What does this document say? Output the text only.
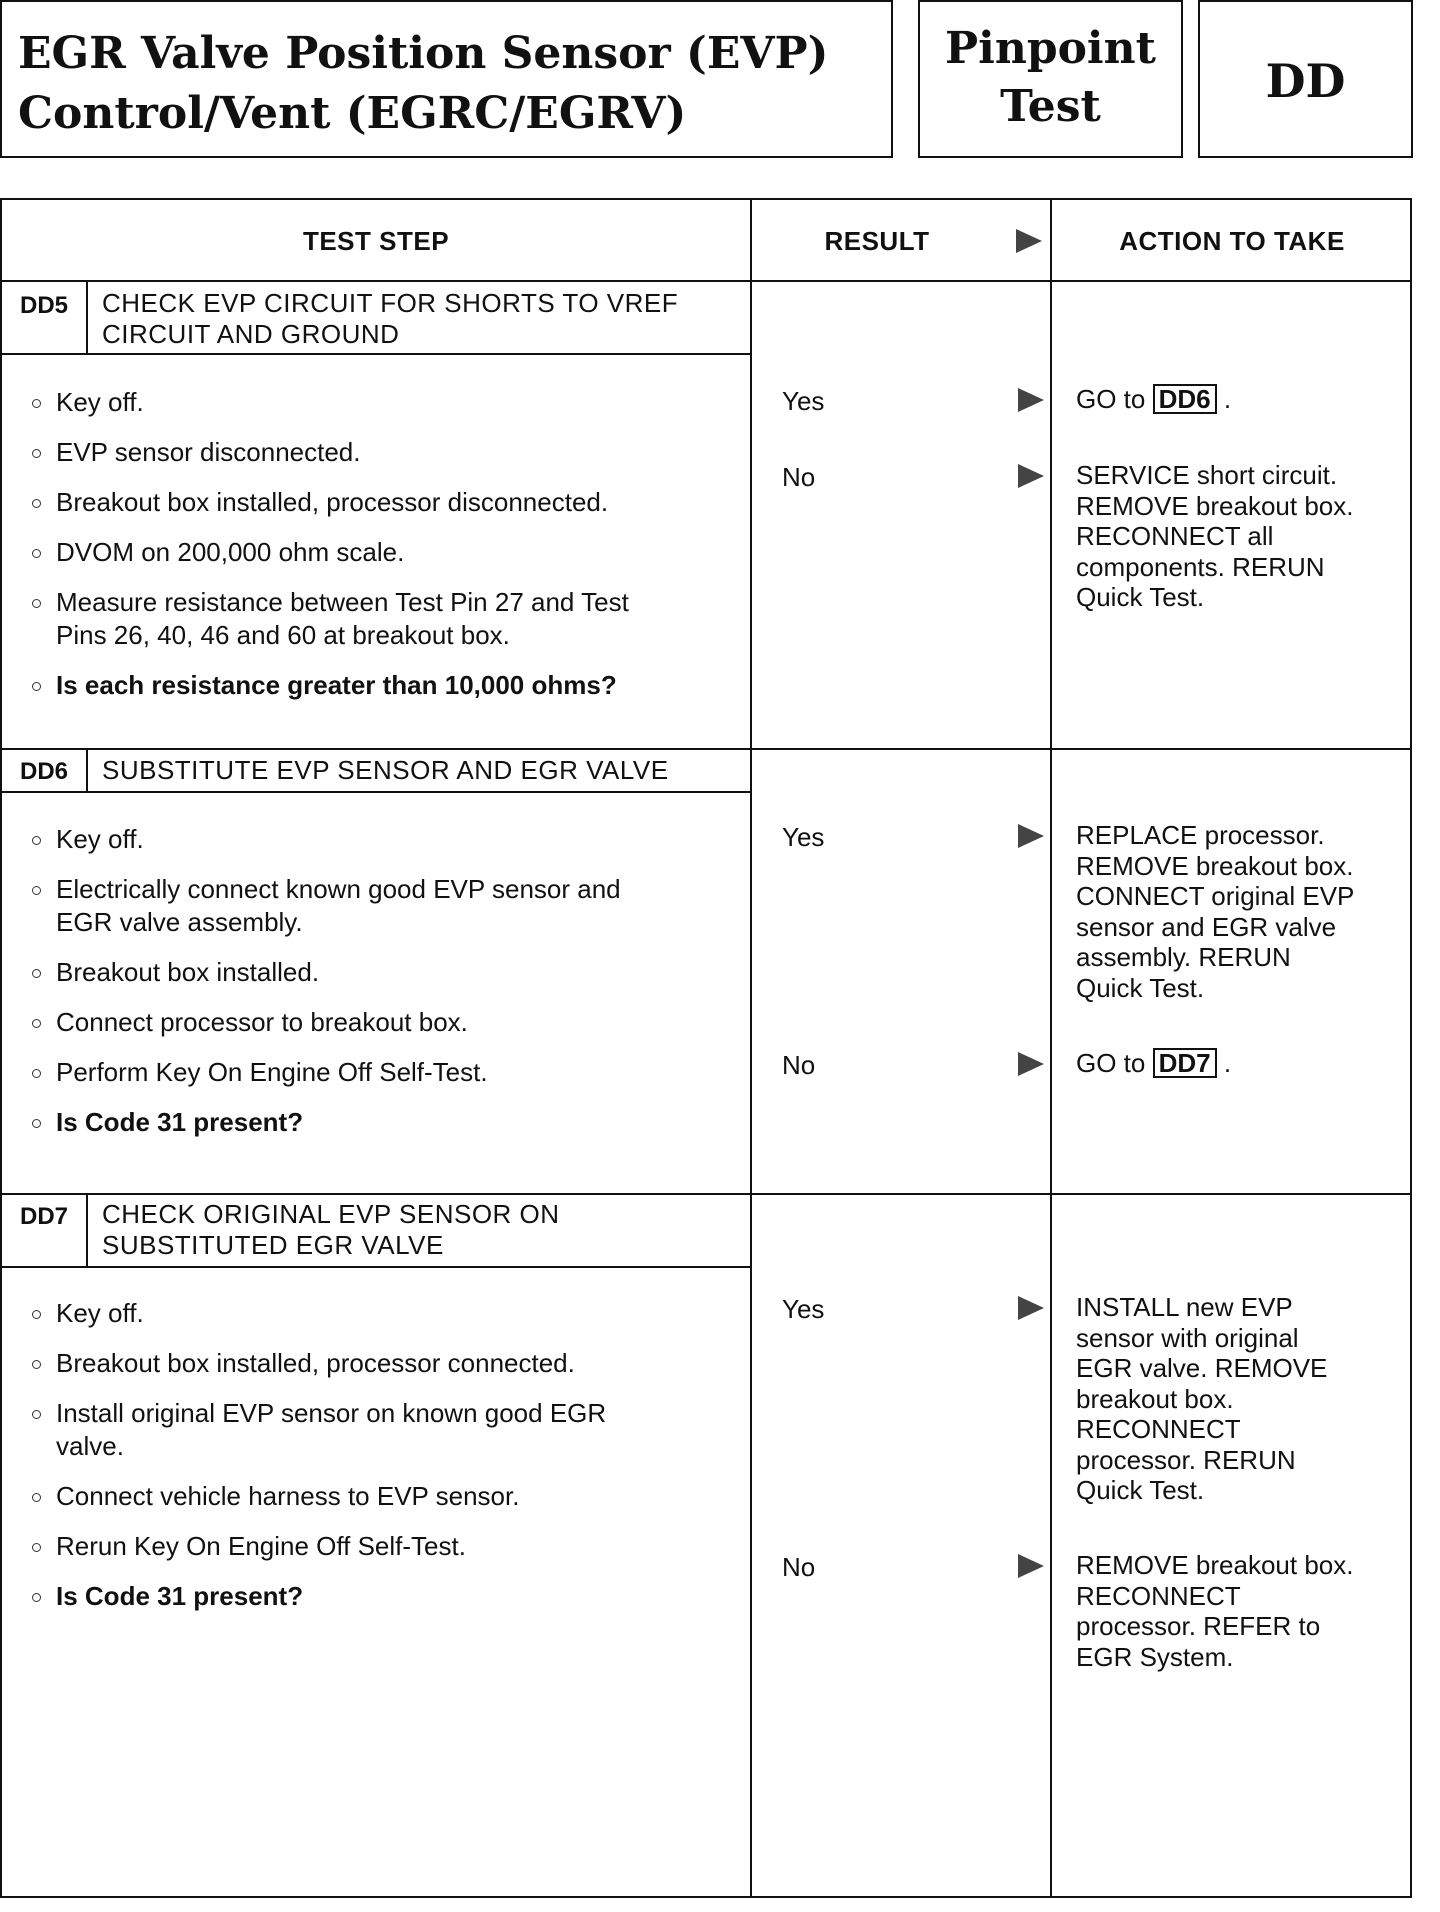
EGR Valve Position Sensor (EVP)
Control/Vent (EGRC/EGRV)
Pinpoint
Test	DD
TEST STEP	RESULT	ACTION TO TAKE
DD5	CHECK EVP CIRCUIT FOR SHORTS TO VREF
CIRCUIT AND GROUND
Key off.
EVP sensor disconnected.
Breakout box installed, processor disconnected.
DVOM on 200,000 ohm scale.
Measure resistance between Test Pin 27 and Test
Pins 26, 40, 46 and 60 at breakout box.
Is each resistance greater than 10,000 ohms?
Yes	GO to DD6 .
No	SERVICE short circuit.
REMOVE breakout box.
RECONNECT all
components. RERUN
Quick Test.
DD6	SUBSTITUTE EVP SENSOR AND EGR VALVE
Key off.
Electrically connect known good EVP sensor and
EGR valve assembly.
Breakout box installed.
Connect processor to breakout box.
Perform Key On Engine Off Self-Test.
Is Code 31 present?
Yes	REPLACE processor.
REMOVE breakout box.
CONNECT original EVP
sensor and EGR valve
assembly. RERUN
Quick Test.
No	GO to DD7 .
DD7	CHECK ORIGINAL EVP SENSOR ON
SUBSTITUTED EGR VALVE
Key off.
Breakout box installed, processor connected.
Install original EVP sensor on known good EGR
valve.
Connect vehicle harness to EVP sensor.
Rerun Key On Engine Off Self-Test.
Is Code 31 present?
Yes	INSTALL new EVP
sensor with original
EGR valve. REMOVE
breakout box.
RECONNECT
processor. RERUN
Quick Test.
No	REMOVE breakout box.
RECONNECT
processor. REFER to
EGR System.
